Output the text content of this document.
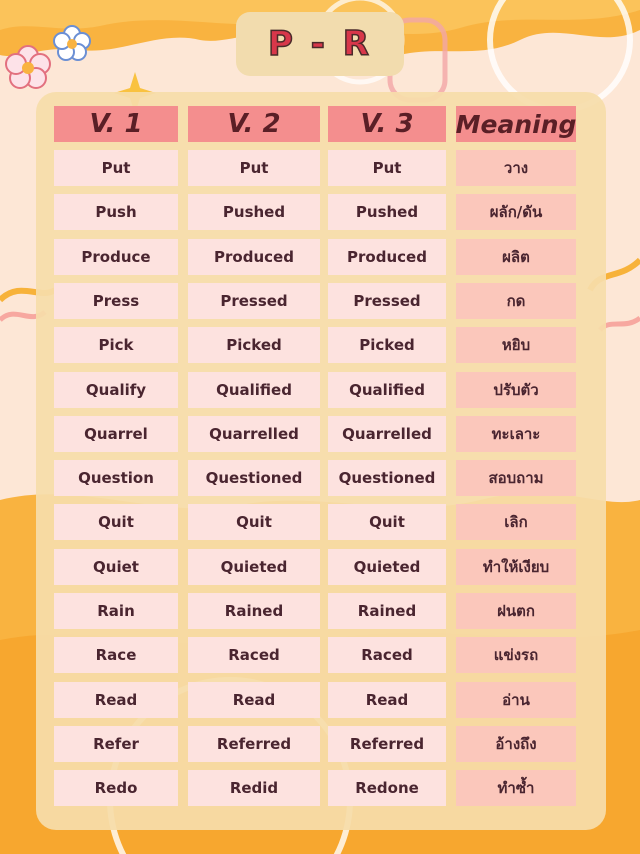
P - R
V. 1	V. 2	V. 3	Meaning
Put	Put	Put	วาง
Push	Pushed	Pushed	ผลัก/ดัน
Produce	Produced	Produced	ผลิต
Press	Pressed	Pressed	กด
Pick	Picked	Picked	หยิบ
Qualify	Qualified	Qualified	ปรับตัว
Quarrel	Quarrelled	Quarrelled	ทะเลาะ
Question	Questioned	Questioned	สอบถาม
Quit	Quit	Quit	เลิก
Quiet	Quieted	Quieted	ทำให้เงียบ
Rain	Rained	Rained	ฝนตก
Race	Raced	Raced	แข่งรถ
Read	Read	Read	อ่าน
Refer	Referred	Referred	อ้างถึง
Redo	Redid	Redone	ทำซ้ำ
